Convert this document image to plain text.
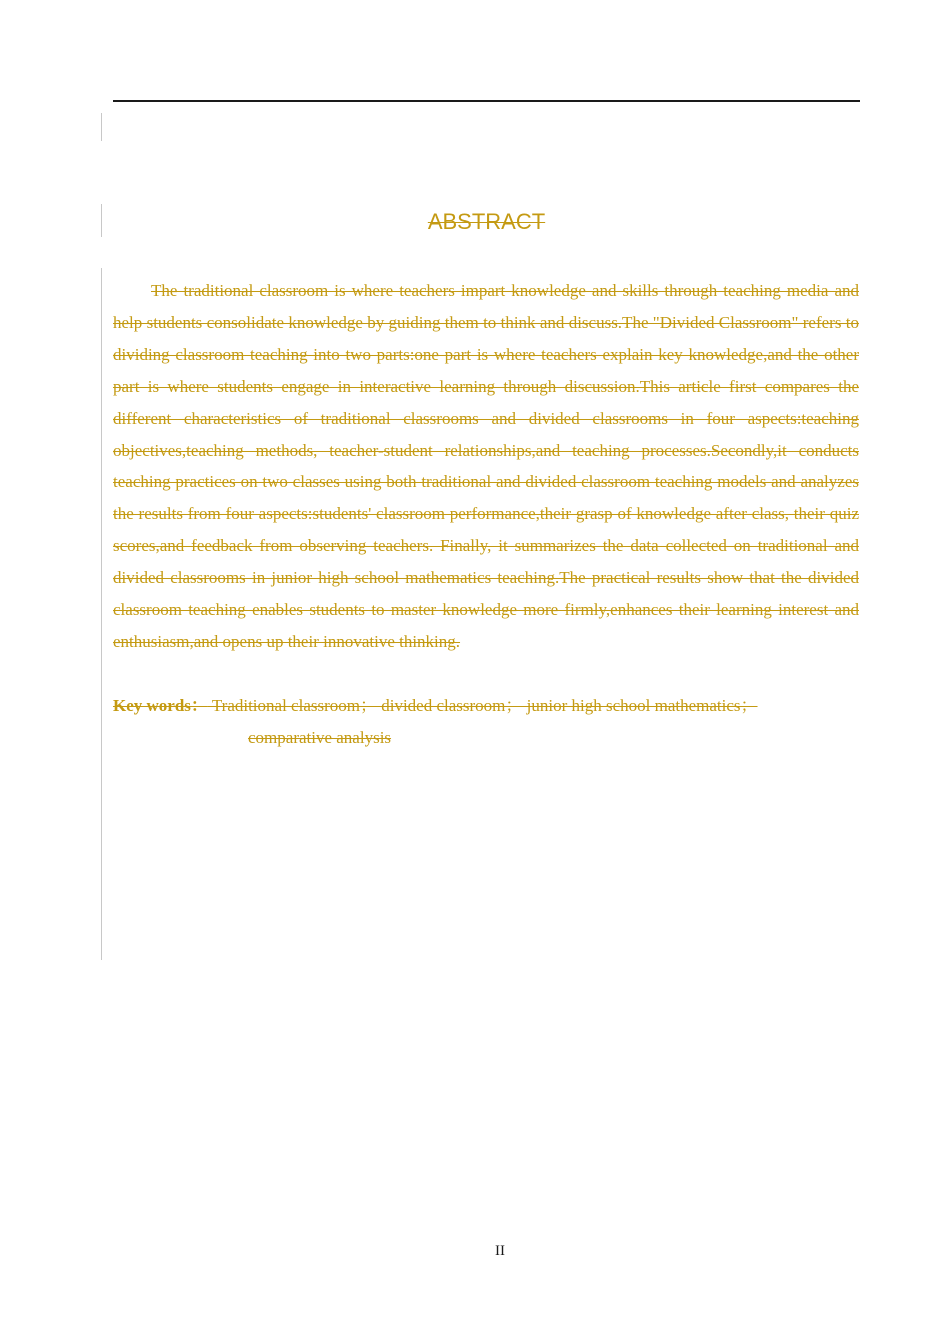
ABSTRACT
The traditional classroom is where teachers impart knowledge and skills through teaching media and help students consolidate knowledge by guiding them to think and discuss.The "Divided Classroom" refers to dividing classroom teaching into two parts:one part is where teachers explain key knowledge,and the other part is where students engage in interactive learning through discussion.This article first compares the different characteristics of traditional classrooms and divided classrooms in four aspects:teaching objectives,teaching methods, teacher-student relationships,and teaching processes.Secondly,it conducts teaching practices on two classes using both traditional and divided classroom teaching models and analyzes the results from four aspects:students' classroom performance,their grasp of knowledge after class, their quiz scores,and feedback from observing teachers. Finally, it summarizes the data collected on traditional and divided classrooms in junior high school mathematics teaching.The practical results show that the divided classroom teaching enables students to master knowledge more firmly,enhances their learning interest and enthusiasm,and opens up their innovative thinking.
Key words： Traditional classroom； divided classroom； junior high school mathematics；
comparative analysis
II
